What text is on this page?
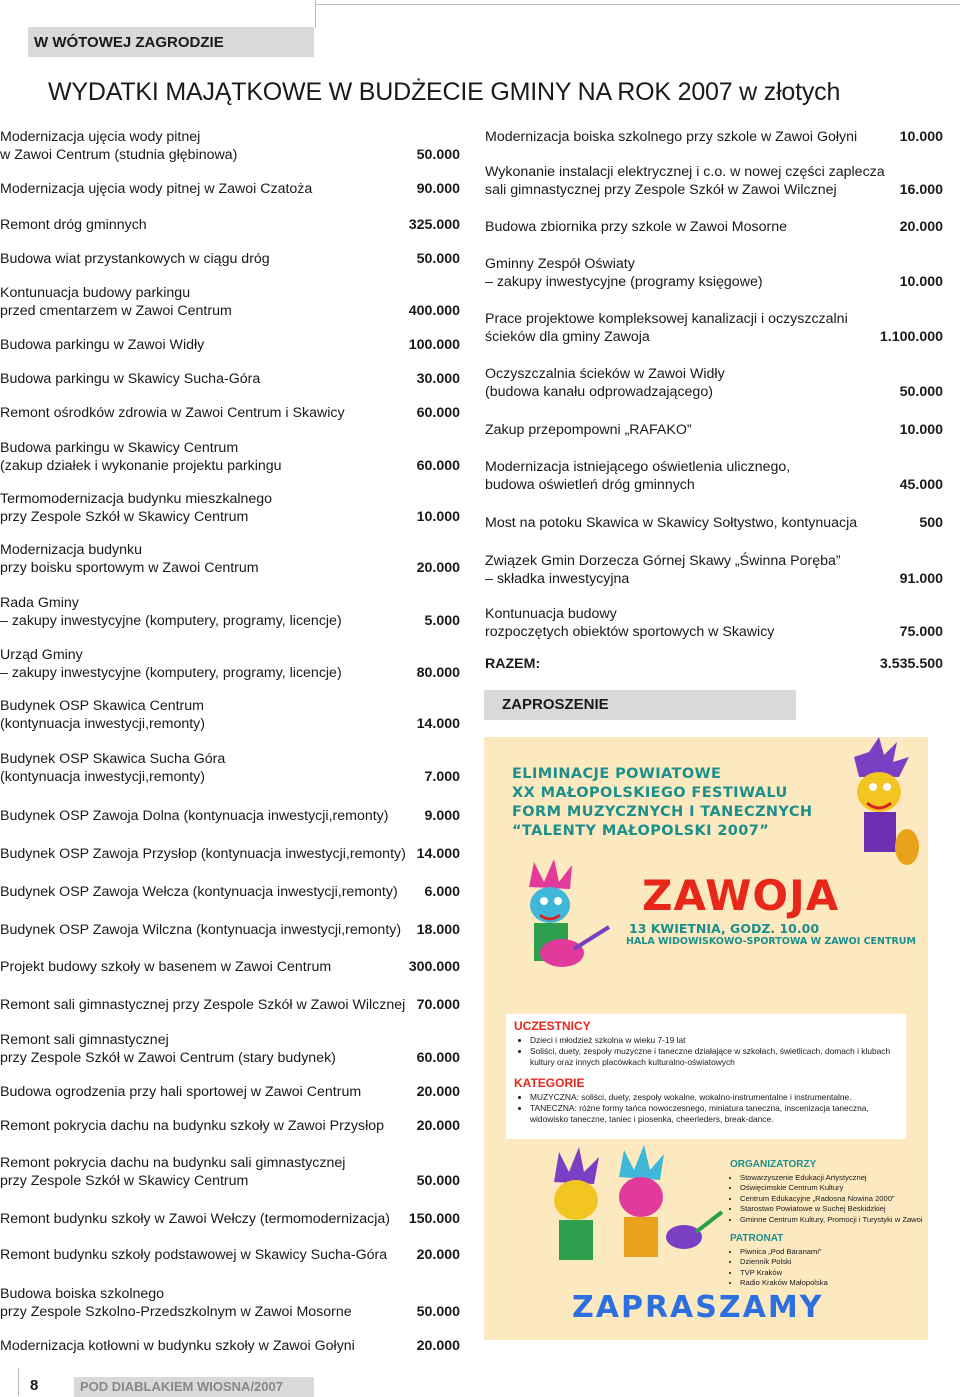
W WÓTOWEJ ZAGRODZIE
WYDATKI MAJĄTKOWE W BUDŻECIE GMINY NA ROK 2007 w złotych
Modernizacja ujęcia wody pitnej
w Zawoi Centrum (studnia głębinowa)	50.000
Modernizacja ujęcia wody pitnej w Zawoi Czatoża	90.000
Remont dróg gminnych	325.000
Budowa wiat przystankowych w ciągu dróg	50.000
Kontunuacja budowy parkingu
przed cmentarzem w Zawoi Centrum	400.000
Budowa parkingu w Zawoi Widły	100.000
Budowa parkingu w Skawicy Sucha-Góra	30.000
Remont ośrodków zdrowia w Zawoi Centrum i Skawicy	60.000
Budowa parkingu w Skawicy Centrum
(zakup działek i wykonanie projektu parkingu	60.000
Termomodernizacja budynku mieszkalnego
przy Zespole Szkół w Skawicy Centrum	10.000
Modernizacja budynku
przy boisku sportowym w Zawoi Centrum	20.000
Rada Gminy
– zakupy inwestycyjne (komputery, programy, licencje)	5.000
Urząd Gminy
– zakupy inwestycyjne (komputery, programy, licencje)	80.000
Budynek OSP Skawica Centrum
(kontynuacja inwestycji,remonty)	14.000
Budynek OSP Skawica Sucha Góra
(kontynuacja inwestycji,remonty)	7.000
Budynek OSP Zawoja Dolna (kontynuacja inwestycji,remonty)	9.000
Budynek OSP Zawoja Przysłop (kontynuacja inwestycji,remonty) 14.000
Budynek OSP Zawoja Wełcza (kontynuacja inwestycji,remonty) 6.000
Budynek OSP Zawoja Wilczna (kontynuacja inwestycji,remonty) 18.000
Projekt budowy szkoły w basenem w Zawoi Centrum	300.000
Remont sali gimnastycznej przy Zespole Szkół w Zawoi Wilcznej 70.000
Remont sali gimnastycznej
przy Zespole Szkół w Zawoi Centrum (stary budynek)	60.000
Budowa ogrodzenia przy hali sportowej w Zawoi Centrum	20.000
Remont pokrycia dachu na budynku szkoły w Zawoi Przysłop 20.000
Remont pokrycia dachu na budynku sali gimnastycznej
przy Zespole Szkół w Skawicy Centrum	50.000
Remont budynku szkoły w Zawoi Wełczy (termomodernizacja) 150.000
Remont budynku szkoły podstawowej w Skawicy Sucha-Góra 20.000
Budowa boiska szkolnego
przy Zespole Szkolno-Przedszkolnym w Zawoi Mosorne	50.000
Modernizacja kotłowni w budynku szkoły w Zawoi Gołyni	20.000
Modernizacja boiska szkolnego przy szkole w Zawoi Gołyni	10.000
Wykonanie instalacji elektrycznej i c.o. w nowej części zaplecza
sali gimnastycznej przy Zespole Szkół w Zawoi Wilcznej	16.000
Budowa zbiornika przy szkole w Zawoi Mosorne	20.000
Gminny Zespół Oświaty
– zakupy inwestycyjne (programy księgowe)	10.000
Prace projektowe kompleksowej kanalizacji i oczyszczalni
ścieków dla gminy Zawoja	1.100.000
Oczyszczalnia ścieków w Zawoi Widły
(budowa kanału odprowadzającego)	50.000
Zakup przepompowni „RAFAKO”	10.000
Modernizacja istniejącego oświetlenia ulicznego,
budowa oświetleń dróg gminnych	45.000
Most na potoku Skawica w Skawicy Sołtystwo, kontynuacja	500
Związek Gmin Dorzecza Górnej Skawy „Świnna Poręba”
– składka inwestycyjna	91.000
Kontunuacja budowy
rozpoczętych obiektów sportowych w Skawicy	75.000
ZAPROSZENIE
ELIMINACJE POWIATOWE
XX MAŁOPOLSKIEGO FESTIWALU
FORM MUZYCZNYCH I TANECZNYCH
“TALENTY MAŁOPOLSKI 2007”
ZAWOJA
13 KWIETNIA, GODZ. 10.00
HALA WIDOWISKOWO-SPORTOWA W ZAWOI CENTRUM
UCZESTNICY
• Dzieci i młodzież szkolna w wieku 7-19 lat
• Soliści, duety, zespoły muzyczne i taneczne działające w szkołach, świetlicach, domach i klubach kultury oraz innych placówkach kulturalno-oświatowych
KATEGORIE
• MUZYCZNA: soliści, duety, zespoły wokalne, wokalno-instrumentalne i instrumentalne.
• TANECZNA: różne formy tańca nowoczesnego, miniatura taneczna, inscenizacja taneczna, widowisko taneczne, taniec i piosenka, cheerleders, break-dance.
ORGANIZATORZY
• Stowarzyszenie Edukacji Artystycznej
• Oświęcimskie Centrum Kultury
• Centrum Edukacyjne „Radosna Nowina 2000”
• Starostwo Powiatowe w Suchej Beskidzkiej
• Gminne Centrum Kultury, Promocji i Turystyki w Zawoi
PATRONAT
• Piwnica „Pod Baranami”
• Dziennik Polski
• TVP Kraków
• Radio Kraków Małopolska
ZAPRASZAMY
8	POD DIABLAKIEM WIOSNA/2007
RAZEM:	3.535.500
